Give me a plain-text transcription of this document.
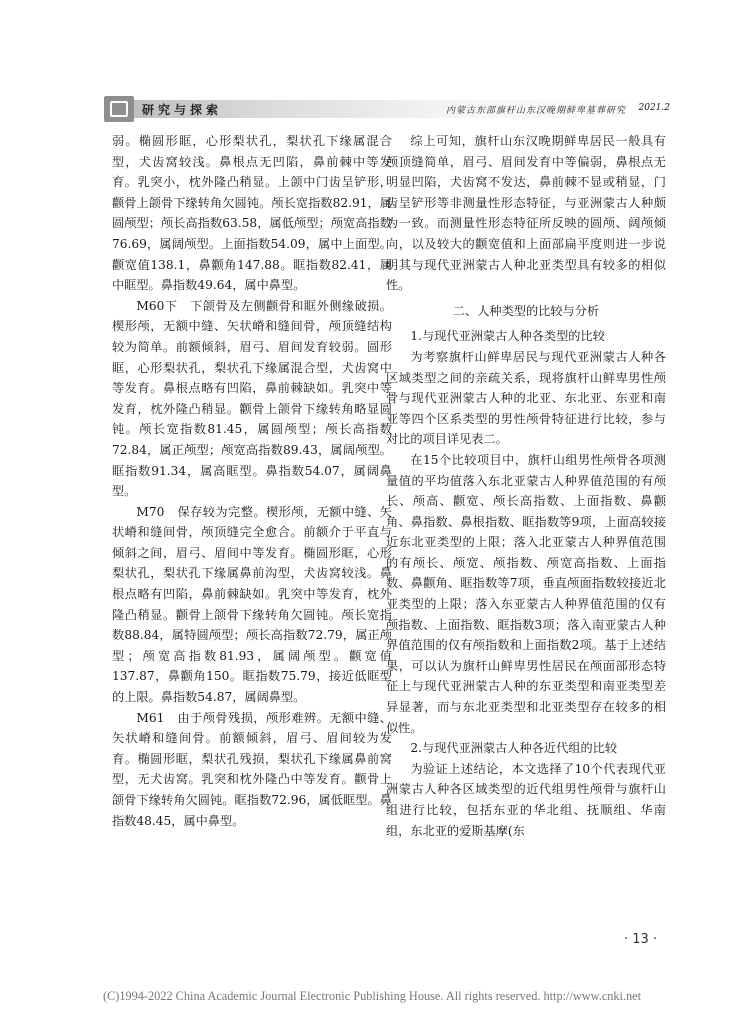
研究与探索	内蒙古东部旗杆山东汉晚期鲜卑墓葬研究 2021.2

弱。椭圆形眶，心形梨状孔，梨状孔下缘属混合型，犬齿窝较浅。鼻根点无凹陷，鼻前棘中等发育。乳突小，枕外隆凸稍显。上颌中门齿呈铲形，颧骨上颌骨下缘转角欠圆钝。颅长宽指数82.91，属圆颅型；颅长高指数63.58，属低颅型；颅宽高指数76.69，属阔颅型。上面指数54.09，属中上面型。颧宽值138.1，鼻颧角147.88。眶指数82.41，属中眶型。鼻指数49.64，属中鼻型。

M60下　下颌骨及左侧颧骨和眶外侧缘破损。楔形颅，无额中缝、矢状嵴和缝间骨，颅顶缝结构较为简单。前额倾斜，眉弓、眉间发育较弱。圆形眶，心形梨状孔，梨状孔下缘属混合型，犬齿窝中等发育。鼻根点略有凹陷，鼻前棘缺如。乳突中等发育，枕外隆凸稍显。颧骨上颌骨下缘转角略显圆钝。颅长宽指数81.45，属圆颅型；颅长高指数72.84，属正颅型；颅宽高指数89.43，属阔颅型。眶指数91.34，属高眶型。鼻指数54.07，属阔鼻型。

M70　保存较为完整。楔形颅，无额中缝、矢状嵴和缝间骨，颅顶缝完全愈合。前额介于平直与倾斜之间，眉弓、眉间中等发育。椭圆形眶，心形梨状孔，梨状孔下缘属鼻前沟型，犬齿窝较浅。鼻根点略有凹陷，鼻前棘缺如。乳突中等发育，枕外隆凸稍显。颧骨上颌骨下缘转角欠圆钝。颅长宽指数88.84，属特圆颅型；颅长高指数72.79，属正颅型；颅宽高指数81.93，属阔颅型。颧宽值137.87，鼻颧角150。眶指数75.79，接近低眶型的上限。鼻指数54.87，属阔鼻型。

M61　由于颅骨残损，颅形难辨。无额中缝、矢状嵴和缝间骨。前额倾斜，眉弓、眉间较为发育。椭圆形眶，梨状孔残损，梨状孔下缘属鼻前窝型，无犬齿窝。乳突和枕外隆凸中等发育。颧骨上颌骨下缘转角欠圆钝。眶指数72.96，属低眶型。鼻指数48.45，属中鼻型。

综上可知，旗杆山东汉晚期鲜卑居民一般具有颅顶缝简单，眉弓、眉间发育中等偏弱，鼻根点无明显凹陷，犬齿窝不发达，鼻前棘不显或稍显，门齿呈铲形等非测量性形态特征，与亚洲蒙古人种颇为一致。而测量性形态特征所反映的圆颅、阔颅倾向，以及较大的颧宽值和上面部扁平度则进一步说明其与现代亚洲蒙古人种北亚类型具有较多的相似性。

二、人种类型的比较与分析

1.与现代亚洲蒙古人种各类型的比较

为考察旗杆山鲜卑居民与现代亚洲蒙古人种各区域类型之间的亲疏关系，现将旗杆山鲜卑男性颅骨与现代亚洲蒙古人种的北亚、东北亚、东亚和南亚等四个区系类型的男性颅骨特征进行比较，参与对比的项目详见表二。

在15个比较项目中，旗杆山组男性颅骨各项测量值的平均值落入东北亚蒙古人种界值范围的有颅长、颅高、颧宽、颅长高指数、上面指数、鼻颧角、鼻指数、鼻根指数、眶指数等9项，上面高较接近东北亚类型的上限；落入北亚蒙古人种界值范围的有颅长、颅宽、颅指数、颅宽高指数、上面指数、鼻颧角、眶指数等7项，垂直颅面指数较接近北亚类型的上限；落入东亚蒙古人种界值范围的仅有颅指数、上面指数、眶指数3项；落入南亚蒙古人种界值范围的仅有颅指数和上面指数2项。基于上述结果，可以认为旗杆山鲜卑男性居民在颅面部形态特征上与现代亚洲蒙古人种的东亚类型和南亚类型差异显著，而与东北亚类型和北亚类型存在较多的相似性。

2.与现代亚洲蒙古人种各近代组的比较

为验证上述结论，本文选择了10个代表现代亚洲蒙古人种各区域类型的近代组男性颅骨与旗杆山组进行比较，包括东亚的华北组、抚顺组、华南组，东北亚的爱斯基摩(东

· 13 ·
(C)1994-2022 China Academic Journal Electronic Publishing House. All rights reserved. http://www.cnki.net
